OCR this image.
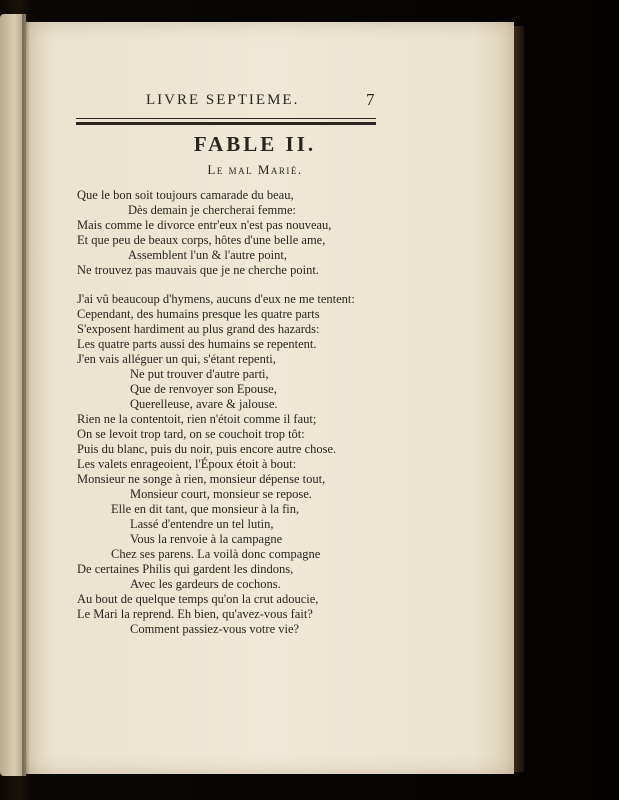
LIVRE SEPTIEME.	7
FABLE II.
Le mal Marié.
Que le bon soit toujours camarade du beau,
Dès demain je chercherai femme:
Mais comme le divorce entr'eux n'est pas nouveau,
Et que peu de beaux corps, hôtes d'une belle ame,
Assemblent l'un & l'autre point,
Ne trouvez pas mauvais que je ne cherche point.
J'ai vû beaucoup d'hymens, aucuns d'eux ne me tentent:
Cependant, des humains presque les quatre parts
S'exposent hardiment au plus grand des hazards:
Les quatre parts aussi des humains se repentent.
J'en vais alléguer un qui, s'étant repenti,
Ne put trouver d'autre parti,
Que de renvoyer son Epouse,
Querelleuse, avare & jalouse.
Rien ne la contentoit, rien n'étoit comme il faut;
On se levoit trop tard, on se couchoit trop tôt:
Puis du blanc, puis du noir, puis encore autre chose.
Les valets enrageoient, l'Époux étoit à bout:
Monsieur ne songe à rien, monsieur dépense tout,
Monsieur court, monsieur se repose.
Elle en dit tant, que monsieur à la fin,
Lassé d'entendre un tel lutin,
Vous la renvoie à la campagne
Chez ses parens. La voilà donc compagne
De certaines Philis qui gardent les dindons,
Avec les gardeurs de cochons.
Au bout de quelque temps qu'on la crut adoucie,
Le Mari la reprend. Eh bien, qu'avez-vous fait?
Comment passiez-vous votre vie?
